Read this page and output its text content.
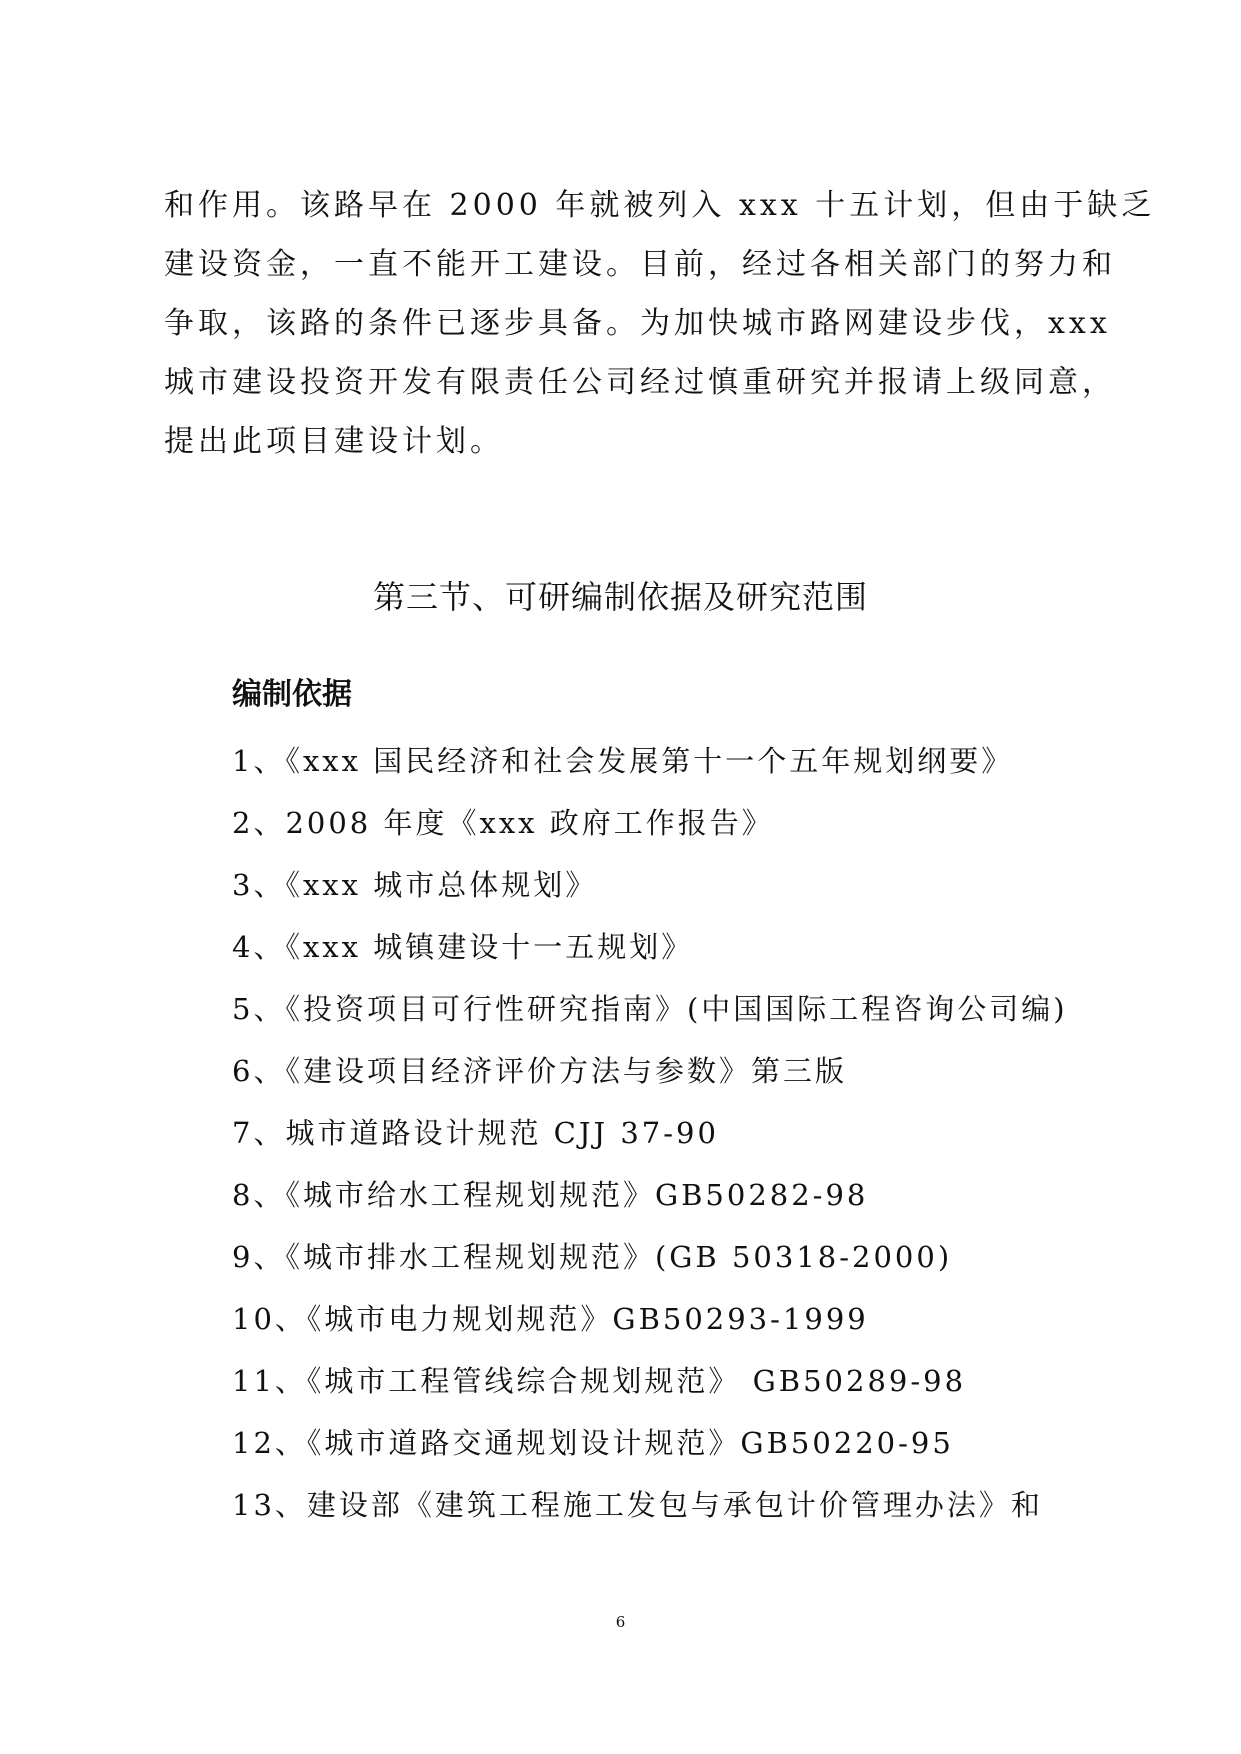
和作用。该路早在 2000 年就被列入 xxx 十五计划，但由于缺乏
建设资金，一直不能开工建设。目前，经过各相关部门的努力和
争取，该路的条件已逐步具备。为加快城市路网建设步伐，xxx
城市建设投资开发有限责任公司经过慎重研究并报请上级同意，
提出此项目建设计划。
第三节、可研编制依据及研究范围
编制依据
1、《xxx 国民经济和社会发展第十一个五年规划纲要》
2、2008 年度《xxx 政府工作报告》
3、《xxx 城市总体规划》
4、《xxx 城镇建设十一五规划》
5、《投资项目可行性研究指南》(中国国际工程咨询公司编)
6、《建设项目经济评价方法与参数》第三版
7、城市道路设计规范 CJJ 37-90
8、《城市给水工程规划规范》GB50282-98
9、《城市排水工程规划规范》(GB 50318-2000)
10、《城市电力规划规范》GB50293-1999
11、《城市工程管线综合规划规范》 GB50289-98
12、《城市道路交通规划设计规范》GB50220-95
13、建设部《建筑工程施工发包与承包计价管理办法》和
6
